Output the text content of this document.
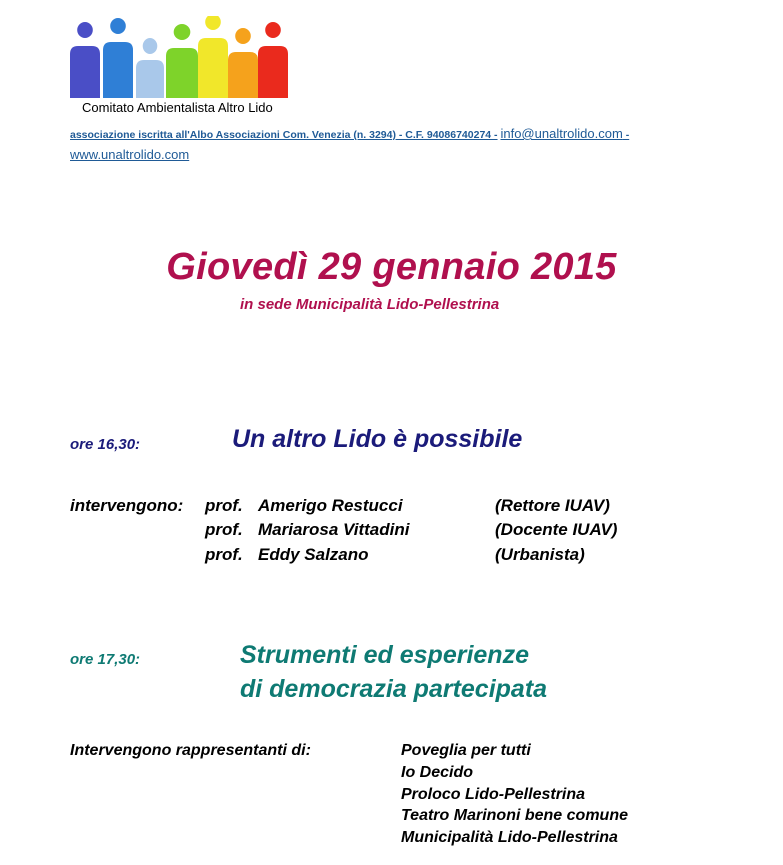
Comitato Ambientalista Altro Lido
associazione iscritta all'Albo Associazioni Com. Venezia (n. 3294) - C.F. 94086740274 - info@unaltrolido.com -
www.unaltrolido.com
Giovedì 29 gennaio 2015
in sede Municipalità Lido-Pellestrina
ore 16,30:	Un altro Lido è possibile
intervengono: prof. Amerigo Restucci	(Rettore IUAV)
prof. Mariarosa Vittadini	(Docente IUAV)
prof. Eddy Salzano	(Urbanista)
ore 17,30:	Strumenti ed esperienze
di democrazia partecipata
Intervengono rappresentanti di:	Poveglia per tutti
Io Decido
Proloco Lido-Pellestrina
Teatro Marinoni bene comune
Municipalità Lido-Pellestrina
